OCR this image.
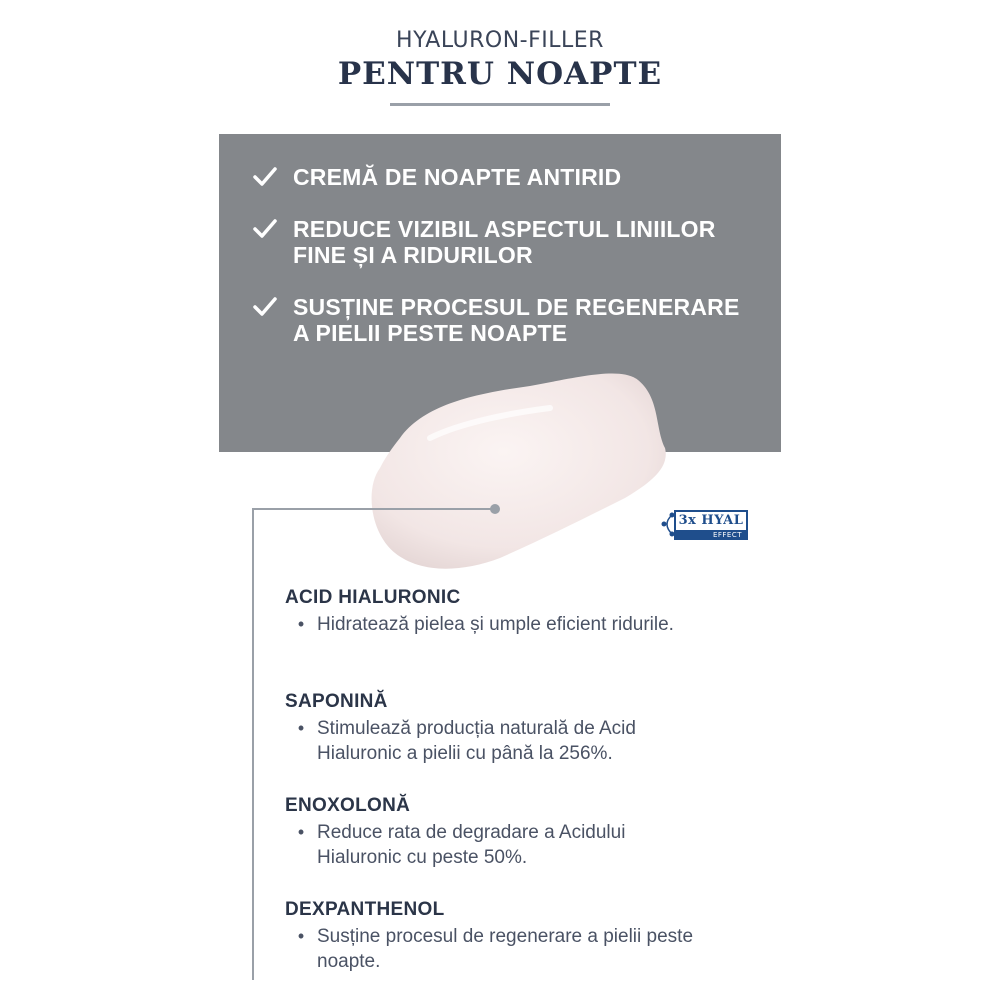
HYALURON-FILLER
PENTRU NOAPTE
CREMĂ DE NOAPTE ANTIRID
REDUCE VIZIBIL ASPECTUL LINIILOR FINE ȘI A RIDURILOR
SUSȚINE PROCESUL DE REGENERARE A PIELII PESTE NOAPTE
3x HYAL
EFFECT
ACID HIALURONIC
• Hidratează pielea și umple eficient ridurile.
SAPONINĂ
• Stimulează producția naturală de Acid Hialuronic a pielii cu până la 256%.
ENOXOLONĂ
• Reduce rata de degradare a Acidului Hialuronic cu peste 50%.
DEXPANTHENOL
• Susține procesul de regenerare a pielii peste noapte.
